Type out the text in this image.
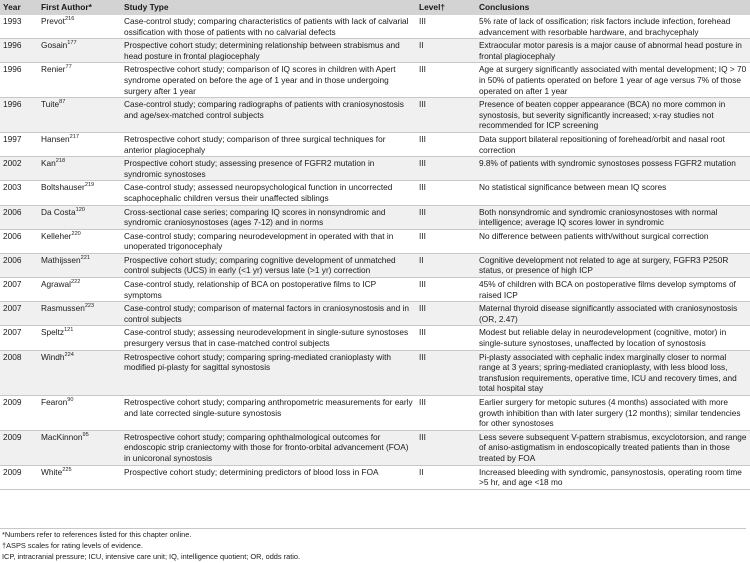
Year	First Author*	Study Type	Level†	Conclusions
1993	Prevot$^{216}$	Case-control study; comparing characteristics of patients with lack of calvarial ossification with those of patients with no calvarial defects	III	5% rate of lack of ossification; risk factors include infection, forehead advancement with resorbable hardware, and brachycephaly
1996	Gosain$^{177}$	Prospective cohort study; determining relationship between strabismus and head posture in frontal plagiocephaly	II	Extraocular motor paresis is a major cause of abnormal head posture in frontal plagiocephaly
1996	Renier$^{77}$	Retrospective cohort study; comparison of IQ scores in children with Apert syndrome operated on before the age of 1 year and in those undergoing surgery after 1 year	III	Age at surgery significantly associated with mental development; IQ > 70 in 50% of patients operated on before 1 year of age versus 7% of those operated on after 1 year
1996	Tuite$^{87}$	Case-control study; comparing radiographs of patients with craniosynostosis and age/sex-matched control subjects	III	Presence of beaten copper appearance (BCA) no more common in synostosis, but severity significantly increased; x-ray studies not recommended for ICP screening
1997	Hansen$^{217}$	Retrospective cohort study; comparison of three surgical techniques for anterior plagiocephaly	III	Data support bilateral repositioning of forehead/orbit and nasal root correction
2002	Kan$^{218}$	Prospective cohort study; assessing presence of FGFR2 mutation in syndromic synostoses	III	9.8% of patients with syndromic synostoses possess FGFR2 mutation
2003	Boltshauser$^{219}$	Case-control study; assessed neuropsychological function in uncorrected scaphocephalic children versus their unaffected siblings	III	No statistical significance between mean IQ scores
2006	Da Costa$^{120}$	Cross-sectional case series; comparing IQ scores in nonsyndromic and syndromic craniosynostoses (ages 7-12) and in norms	III	Both nonsyndromic and syndromic craniosynostoses with normal intelligence; average IQ scores lower in syndromic
2006	Kelleher$^{220}$	Case-control study; comparing neurodevelopment in operated with that in unoperated trigonocephaly	III	No difference between patients with/without surgical correction
2006	Mathijssen$^{221}$	Prospective cohort study; comparing cognitive development of unmatched control subjects (UCS) in early (<1 yr) versus late (>1 yr) correction	II	Cognitive development not related to age at surgery, FGFR3 P250R status, or presence of high ICP
2007	Agrawal$^{222}$	Case-control study, relationship of BCA on postoperative films to ICP symptoms	III	45% of children with BCA on postoperative films develop symptoms of raised ICP
2007	Rasmussen$^{223}$	Case-control study; comparison of maternal factors in craniosynostosis and in control subjects	III	Maternal thyroid disease significantly associated with craniosynostosis (OR, 2.47)
2007	Speltz$^{121}$	Case-control study; assessing neurodevelopment in single-suture synostoses presurgery versus that in case-matched control subjects	III	Modest but reliable delay in neurodevelopment (cognitive, motor) in single-suture synostoses, unaffected by location of synostosis
2008	Windh$^{224}$	Retrospective cohort study; comparing spring-mediated cranioplasty with modified pi-plasty for sagittal synostosis	III	Pi-plasty associated with cephalic index marginally closer to normal range at 3 years; spring-mediated cranioplasty, with less blood loss, transfusion requirements, operative time, ICU and recovery times, and total hospital stay
2009	Fearon$^{90}$	Retrospective cohort study; comparing anthropometric measurements for early and late corrected single-suture synostosis	III	Earlier surgery for metopic sutures (4 months) associated with more growth inhibition than with later surgery (12 months); similar tendencies for other synostoses
2009	MacKinnon$^{95}$	Retrospective cohort study; comparing ophthalmological outcomes for endoscopic strip craniectomy with those for fronto-orbital advancement (FOA) in unicoronal synostosis	III	Less severe subsequent V-pattern strabismus, excyclotorsion, and range of aniso-astigmatism in endoscopically treated patients than in those treated by FOA
2009	White$^{225}$	Prospective cohort study; determining predictors of blood loss in FOA	II	Increased bleeding with syndromic, pansynostosis, operating room time >5 hr, and age <18 mo
*Numbers refer to references listed for this chapter online.
†ASPS scales for rating levels of evidence.
ICP, intracranial pressure; ICU, intensive care unit; IQ, intelligence quotient; OR, odds ratio.
